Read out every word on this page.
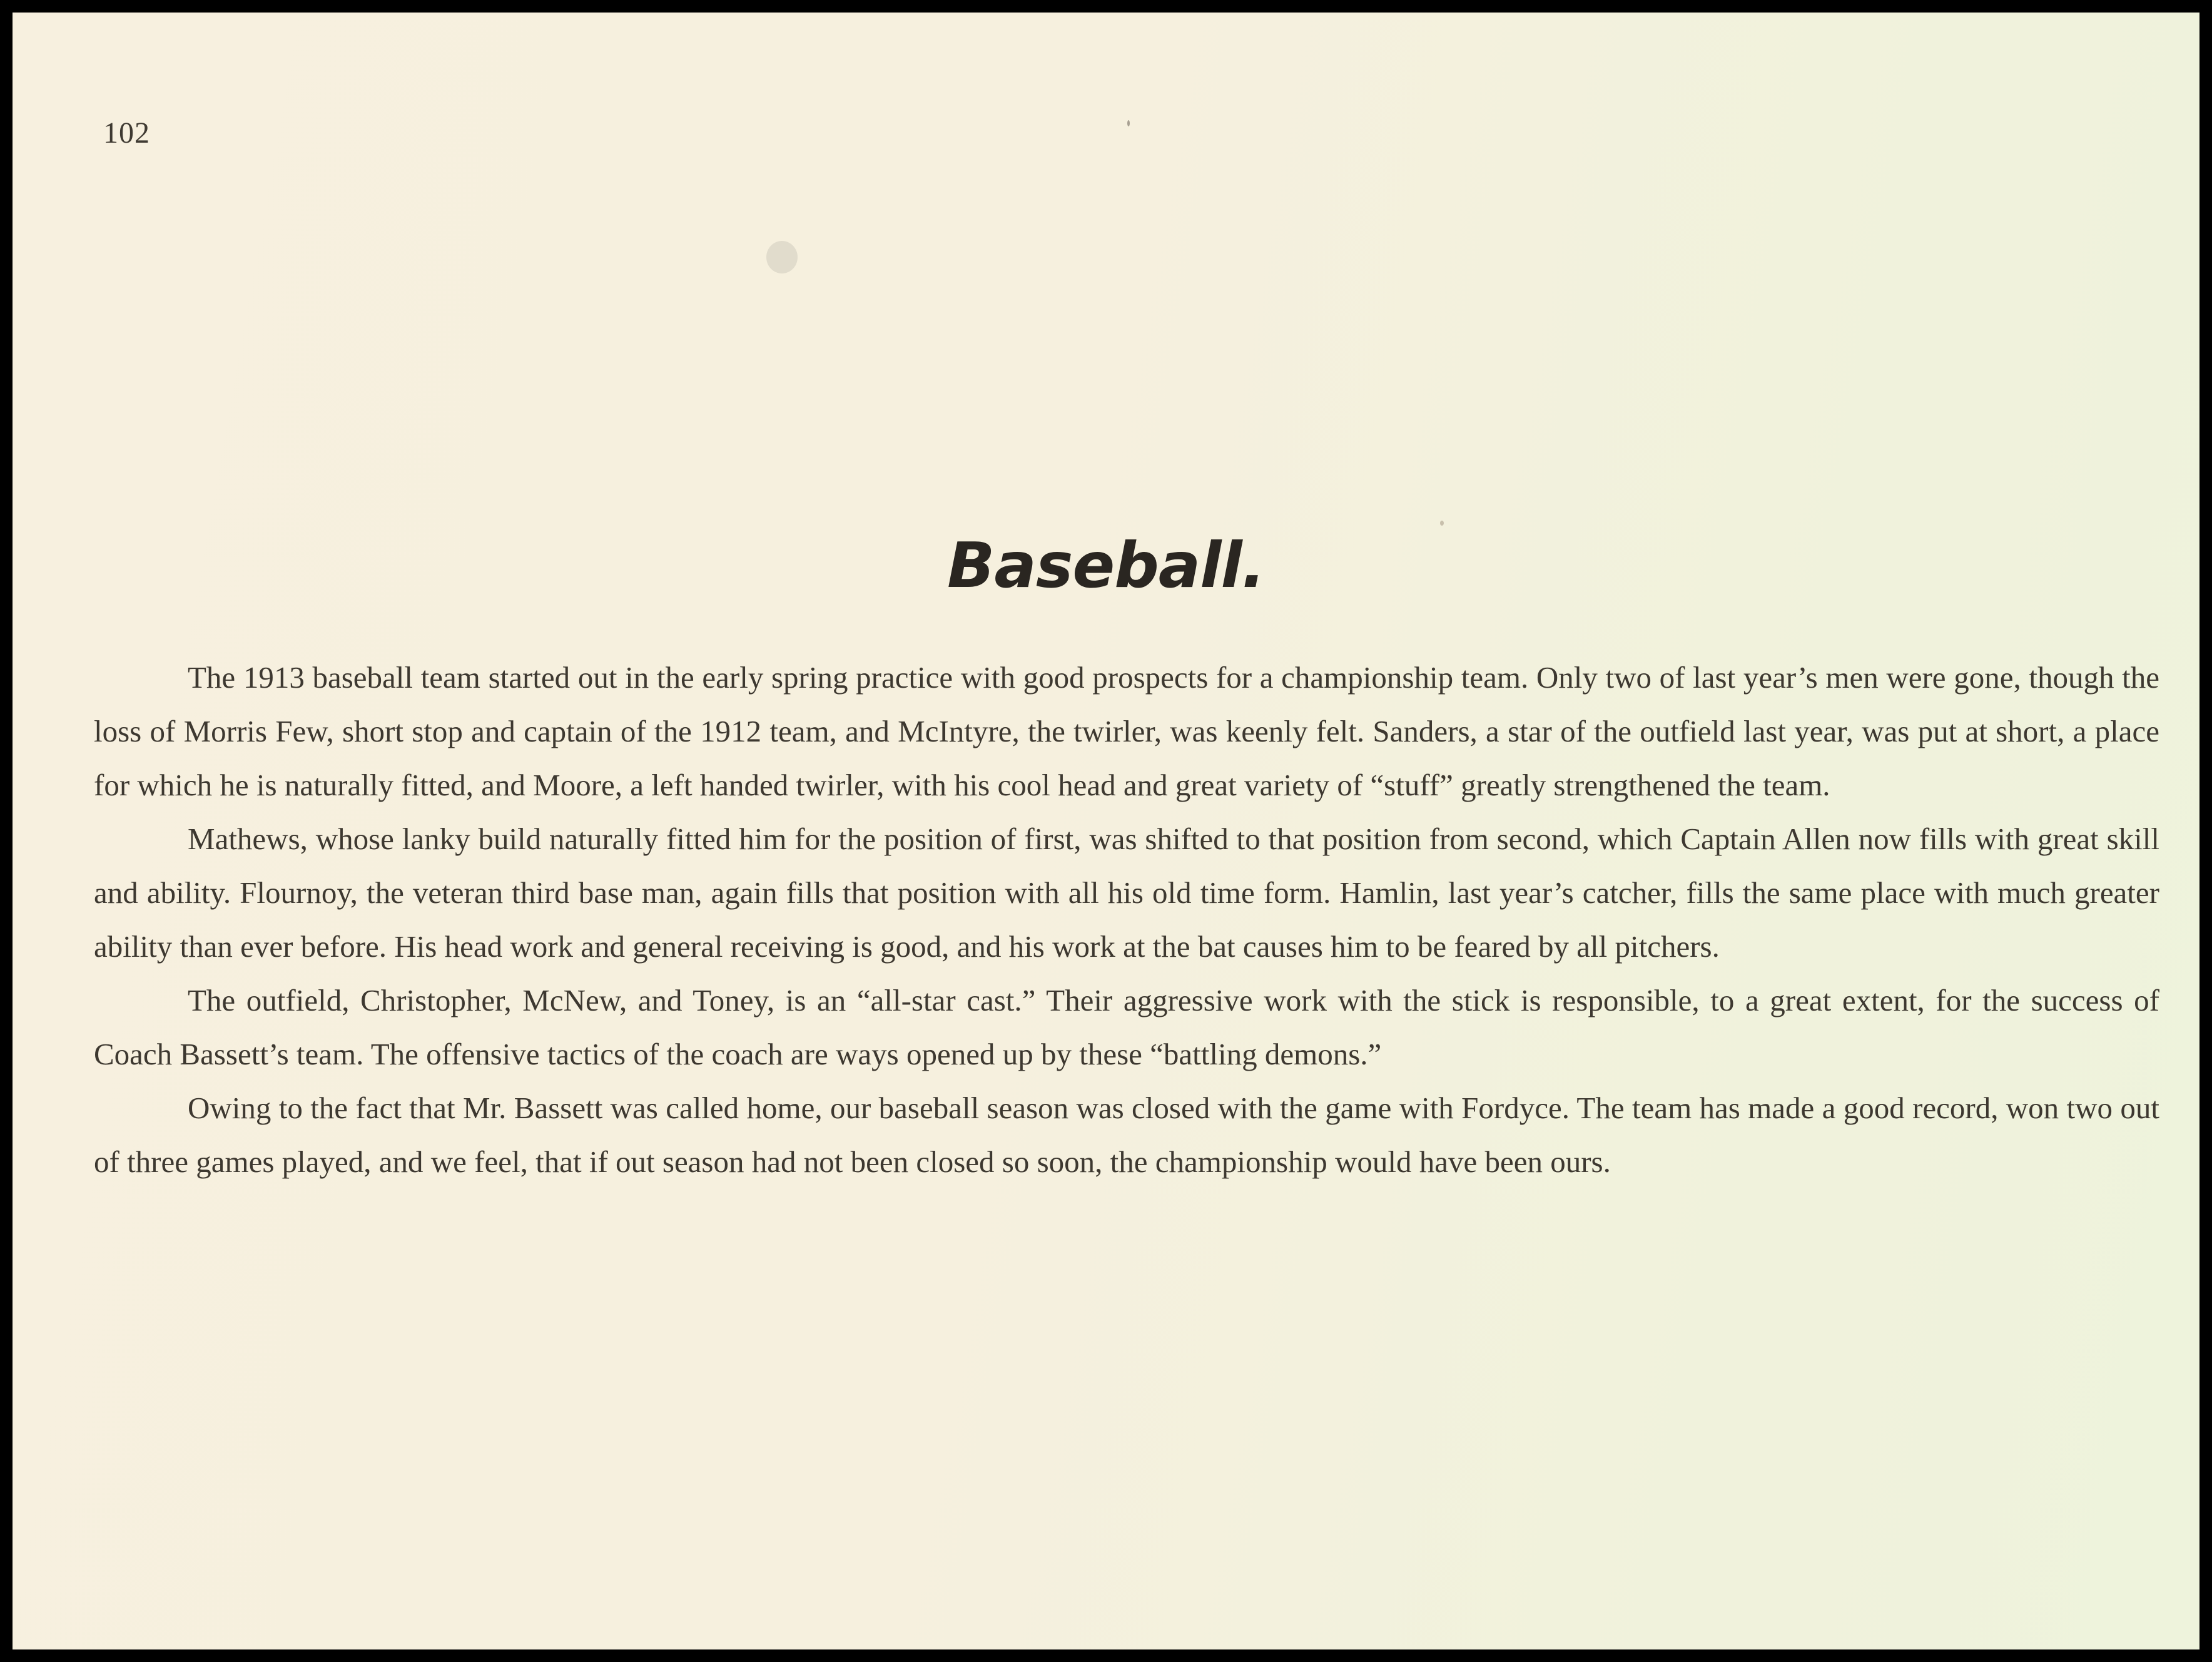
102
Baseball.

The 1913 baseball team started out in the early spring practice with good prospects for a championship team. Only two of last year’s men were gone, though the loss of Morris Few, short stop and captain of the 1912 team, and McIntyre, the twirler, was keenly felt. Sanders, a star of the outfield last year, was put at short, a place for which he is naturally fitted, and Moore, a left handed twirler, with his cool head and great variety of “stuff” greatly strengthened the team.

Mathews, whose lanky build naturally fitted him for the position of first, was shifted to that position from second, which Captain Allen now fills with great skill and ability. Flournoy, the veteran third base man, again fills that position with all his old time form. Hamlin, last year’s catcher, fills the same place with much greater ability than ever before. His head work and general receiving is good, and his work at the bat causes him to be feared by all pitchers.

The outfield, Christopher, McNew, and Toney, is an “all-star cast.” Their aggressive work with the stick is responsible, to a great extent, for the success of Coach Bassett’s team. The offensive tactics of the coach are ways opened up by these “battling demons.”

Owing to the fact that Mr. Bassett was called home, our baseball season was closed with the game with Fordyce. The team has made a good record, won two out of three games played, and we feel, that if out season had not been closed so soon, the championship would have been ours.
